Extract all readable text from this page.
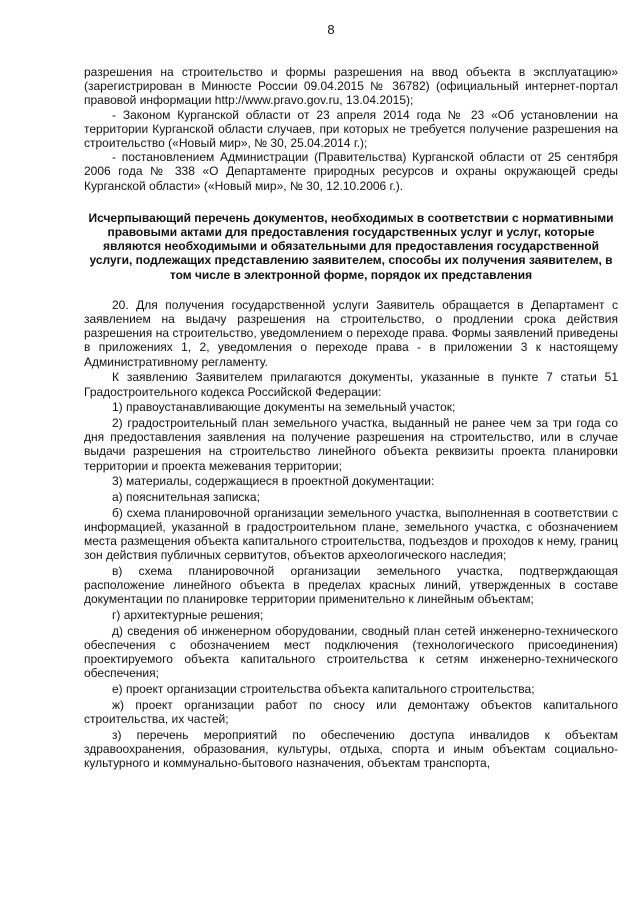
8

разрешения на строительство и формы разрешения на ввод объекта в эксплуатацию» (зарегистрирован в Минюсте России 09.04.2015 № 36782) (официальный интернет-портал правовой информации http://www.pravo.gov.ru, 13.04.2015);

- Законом Курганской области от 23 апреля 2014 года № 23 «Об установлении на территории Курганской области случаев, при которых не требуется получение разрешения на строительство («Новый мир», № 30, 25.04.2014 г.);

- постановлением Администрации (Правительства) Курганской области от 25 сентября 2006 года № 338 «О Департаменте природных ресурсов и охраны окружающей среды Курганской области» («Новый мир», № 30, 12.10.2006 г.).

Исчерпывающий перечень документов, необходимых в соответствии с нормативными правовыми актами для предоставления государственных услуг и услуг, которые являются необходимыми и обязательными для предоставления государственной услуги, подлежащих представлению заявителем, способы их получения заявителем, в том числе в электронной форме, порядок их представления

20. Для получения государственной услуги Заявитель обращается в Департамент с заявлением на выдачу разрешения на строительство, о продлении срока действия разрешения на строительство, уведомлением о переходе права. Формы заявлений приведены в приложениях 1, 2, уведомления о переходе права - в приложении 3 к настоящему Административному регламенту.

К заявлению Заявителем прилагаются документы, указанные в пункте 7 статьи 51 Градостроительного кодекса Российской Федерации:

1) правоустанавливающие документы на земельный участок;

2) градостроительный план земельного участка, выданный не ранее чем за три года со дня предоставления заявления на получение разрешения на строительство, или в случае выдачи разрешения на строительство линейного объекта реквизиты проекта планировки территории и проекта межевания территории;

3) материалы, содержащиеся в проектной документации:

а) пояснительная записка;

б) схема планировочной организации земельного участка, выполненная в соответствии с информацией, указанной в градостроительном плане, земельного участка, с обозначением места размещения объекта капитального строительства, подъездов и проходов к нему, границ зон действия публичных сервитутов, объектов археологического наследия;

в) схема планировочной организации земельного участка, подтверждающая расположение линейного объекта в пределах красных линий, утвержденных в составе документации по планировке территории применительно к линейным объектам;

г) архитектурные решения;

д) сведения об инженерном оборудовании, сводный план сетей инженерно-технического обеспечения с обозначением мест подключения (технологического присоединения) проектируемого объекта капитального строительства к сетям инженерно-технического обеспечения;

е) проект организации строительства объекта капитального строительства;

ж) проект организации работ по сносу или демонтажу объектов капитального строительства, их частей;

з) перечень мероприятий по обеспечению доступа инвалидов к объектам здравоохранения, образования, культуры, отдыха, спорта и иным объектам социально-культурного и коммунально-бытового назначения, объектам транспорта,
